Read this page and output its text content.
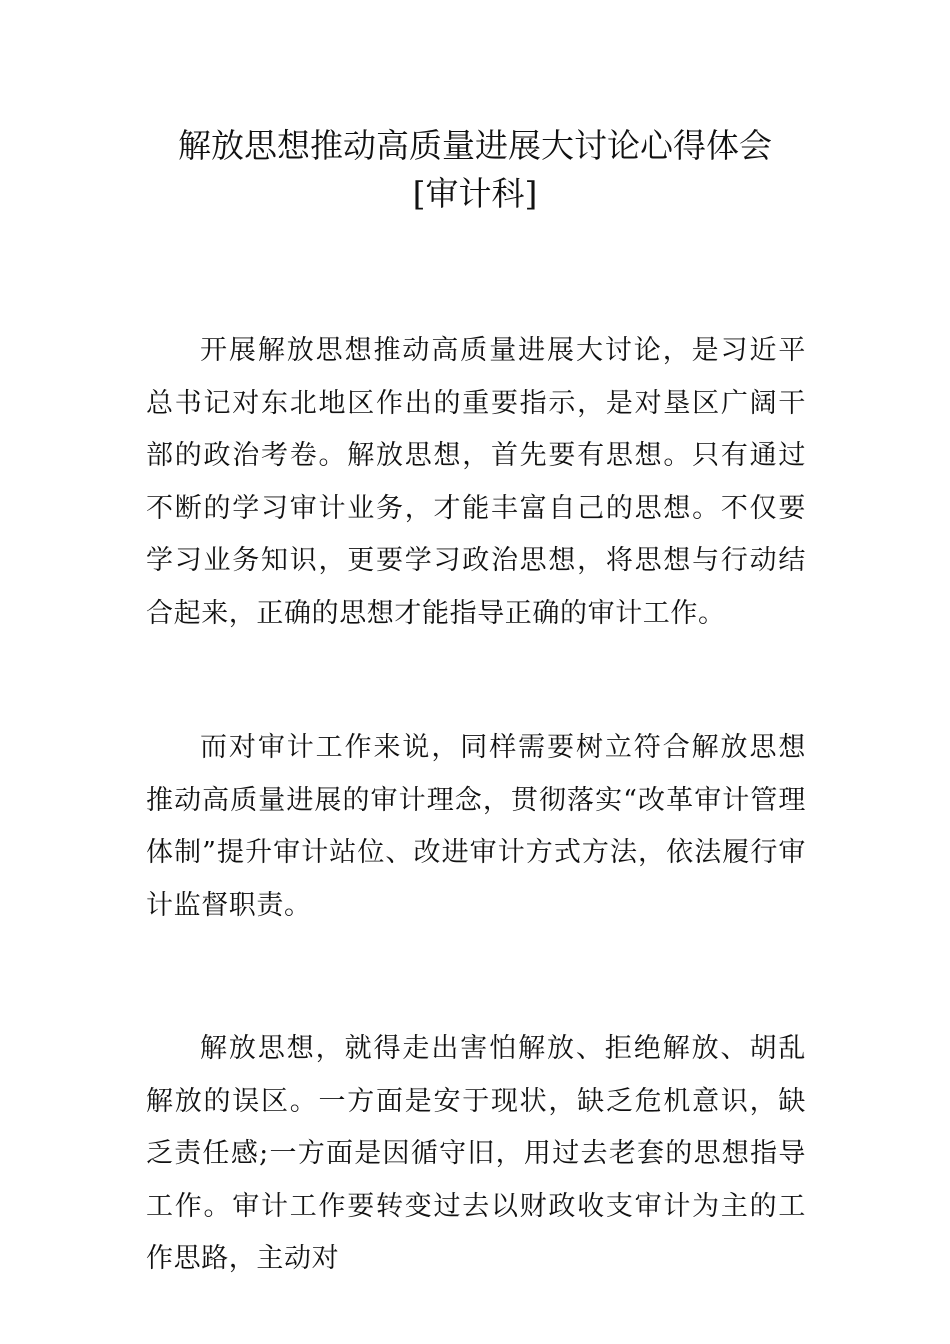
解放思想推动高质量进展大讨论心得体会
[审计科]

开展解放思想推动高质量进展大讨论，是习近平总书记对东北地区作出的重要指示，是对垦区广阔干部的政治考卷。解放思想，首先要有思想。只有通过不断的学习审计业务，才能丰富自己的思想。不仅要学习业务知识，更要学习政治思想，将思想与行动结合起来，正确的思想才能指导正确的审计工作。

而对审计工作来说，同样需要树立符合解放思想推动高质量进展的审计理念，贯彻落实“改革审计管理体制”提升审计站位、改进审计方式方法，依法履行审计监督职责。

解放思想，就得走出害怕解放、拒绝解放、胡乱解放的误区。一方面是安于现状，缺乏危机意识，缺乏责任感;一方面是因循守旧，用过去老套的思想指导工作。审计工作要转变过去以财政收支审计为主的工作思路，主动对
